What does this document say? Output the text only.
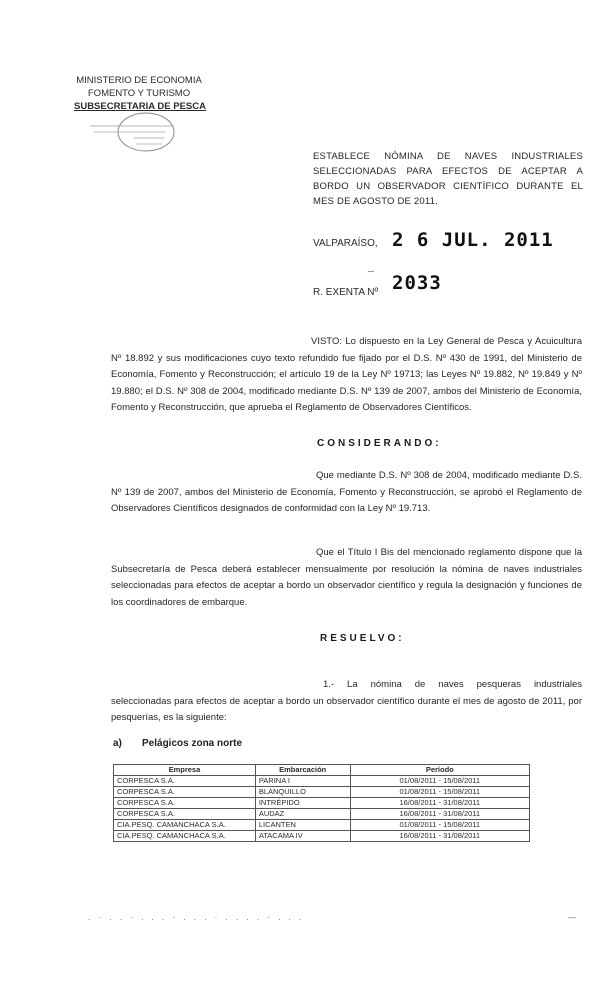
MINISTERIO DE ECONOMIA
FOMENTO Y TURISMO
SUBSECRETARIA DE PESCA
ESTABLECE NÓMINA DE NAVES INDUSTRIALES SELECCIONADAS PARA EFECTOS DE ACEPTAR A BORDO UN OBSERVADOR CIENTÍFICO DURANTE EL MES DE AGOSTO DE 2011.
VALPARAÍSO, 2 6 JUL. 2011
--
R. EXENTA Nº 2033
VISTO: Lo dispuesto en la Ley General de Pesca y Acuicultura Nº 18.892 y sus modificaciones cuyo texto refundido fue fijado por el D.S. Nº 430 de 1991, del Ministerio de Economía, Fomento y Reconstrucción; el artículo 19 de la Ley Nº 19713; las Leyes Nº 19.882, Nº 19.849 y Nº 19.880; el D.S. Nº 308 de 2004, modificado mediante D.S. Nº 139 de 2007, ambos del Ministerio de Economía, Fomento y Reconstrucción, que aprueba el Reglamento de Observadores Científicos.
CONSIDERANDO:
Que mediante D.S. Nº 308 de 2004, modificado mediante D.S. Nº 139 de 2007, ambos del Ministerio de Economía, Fomento y Reconstrucción, se aprobó el Reglamento de Observadores Científicos designados de conformidad con la Ley Nº 19.713.
Que el Título I Bis del mencionado reglamento dispone que la Subsecretaría de Pesca deberá establecer mensualmente por resolución la nómina de naves industriales seleccionadas para efectos de aceptar a bordo un observador científico y regula la designación y funciones de los coordinadores de embarque.
RESUELVO:
1.- La nómina de naves pesqueras industriales seleccionadas para efectos de aceptar a bordo un observador científico durante el mes de agosto de 2011, por pesquerías, es la siguiente:
a) Pelágicos zona norte
Empresa	Embarcación	Período
CORPESCA S.A.	PARINA I	01/08/2011 - 15/08/2011
CORPESCA S.A.	BLANQUILLO	01/08/2011 - 15/08/2011
CORPESCA S.A.	INTRÉPIDO	16/08/2011 - 31/08/2011
CORPESCA S.A.	AUDAZ	16/08/2011 - 31/08/2011
CIA.PESQ. CAMANCHACA S.A.	LICANTEN	01/08/2011 - 15/08/2011
CIA.PESQ. CAMANCHACA S.A.	ATACAMA IV	16/08/2011 - 31/08/2011
. · . . · . . . · . . . · . . . . · . . .	—
